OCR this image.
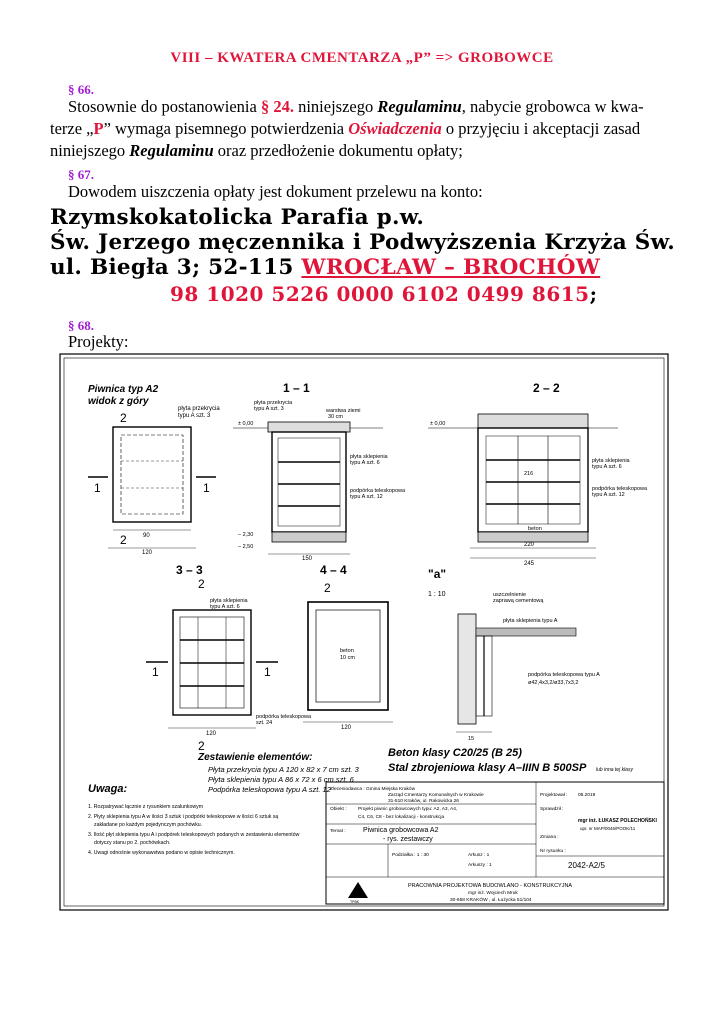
VIII – KWATERA CMENTARZA „P” => GROBOWCE
§ 66.
Stosownie do postanowienia § 24. niniejszego Regulaminu, nabycie grobowca w kwa-
terze „P” wymaga pisemnego potwierdzenia Oświadczenia o przyjęciu i akceptacji zasad
niniejszego Regulaminu oraz przedłożenie dokumentu opłaty;
§ 67.
Dowodem uiszczenia opłaty jest dokument przelewu na konto:
Rzymskokatolicka Parafia p.w.
Św. Jerzego męczennika i Podwyższenia Krzyża Św.
ul. Biegła 3; 52-115 WROCŁAW – BROCHÓW
98 1020 5226 0000 6102 0499 8615;
§ 68.
Projekty:
Piwnica typ A2
widok z góry
2
płyta przekrycia
typu A szt. 3
1	1
2	90
120
1 – 1
płyta przekrycia
typu A szt. 3	warstwa ziemi
30 cm
± 0,00
płyta sklepienia
typu A szt. 6
podpórka teleskopowa
typu A szt. 12
– 2,30
– 2,50
150
2 – 2
± 0,00
216
płyta sklepienia
typu A szt. 6
podpórka teleskopowa
typu A szt. 12
beton
220
245
3 – 3
2
płyta sklepienia
typu A szt. 6
1	1
podpórka teleskopowa
szt. 24
120
2
4 – 4
2
beton
10 cm
120
"a"
1 : 10	uszczelnienie
zaprawą cementową
płyta sklepienia typu A
podpórka teleskopowa typu A
ø42,4x3,2/ø33,7x3,2
15
Zestawienie elementów:
Płyta przekrycia typu A 120 x 82 x 7 cm szt. 3
Płyta sklepienia typu A 86 x 72 x 6 cm szt. 6
Podpórka teleskopowa typu A szt. 12
Uwaga:
1. Rozpatrywać łącznie z rysunkiem szalunkowym
2. Płyty sklepienia typu A w ilości 3 sztuk i podpórki teleskopowe w ilości 6 sztuk są
zakładane po każdym pojedynczym pochówku.
3. Ilość płyt sklepienia typu A i podpórek teleskopowych podanych w zestawieniu elementów
dotyczy stanu po 2. pochówkach.
4. Uwagi odnośnie wykonawstwa podano w opisie technicznym.
Beton klasy C20/25 (B 25)
Stal zbrojeniowa klasy A–IIIN B 500SP lub inna tej klasy
Zleceniodawca : Gmina Miejska Kraków
Zarząd Cmentarzy Komunalnych w Krakowie
31-510 Kraków, ul. Rakowicka 26
Obiekt : Projekt piwnic grobowcowych typu: A2, A3, A4,
C4, C6, C8 - bez lokalizacji - konstrukcja
Temat : Piwnica grobowcowa A2
- rys. zestawczy
Podziałka : 1 : 30	Arkusz : 1
Arkuszy : 1
Nr rysunku :
2042-A2/5
Projektował : 05.2019
Sprawdził :
Zmiana :
mgr inż. ŁUKASZ POLECHOŃSKI
upr. nr MAP/0046/POOK/11
TPBK
PRACOWNIA PROJEKTOWA BUDOWLANO - KONSTRUKCYJNA
mgr inż. Wojciech Mruk
30-658 KRAKÓW , ul. Łużycka 51/104
